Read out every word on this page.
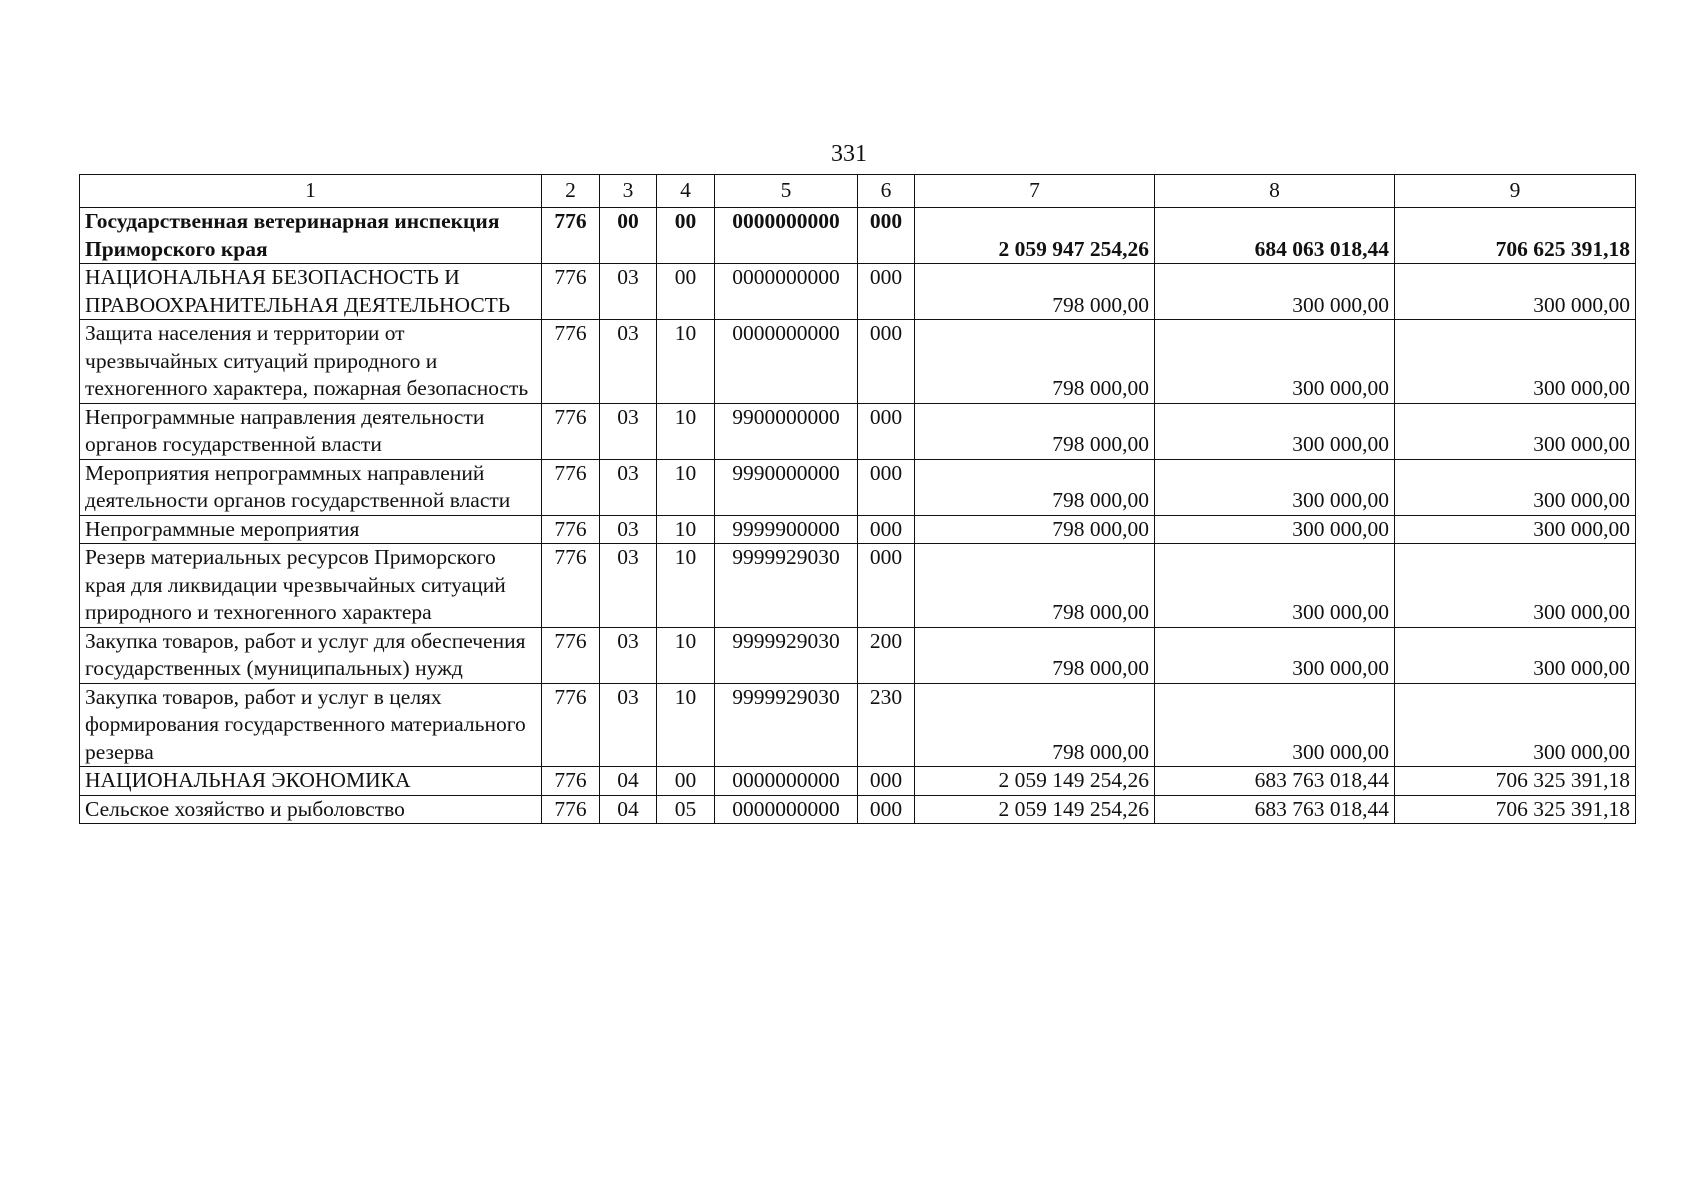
331
1	2	3	4	5	6	7	8	9
Государственная ветеринарная инспекция Приморского края	776	00	00	0000000000	000	2 059 947 254,26	684 063 018,44	706 625 391,18
НАЦИОНАЛЬНАЯ БЕЗОПАСНОСТЬ И ПРАВООХРАНИТЕЛЬНАЯ ДЕЯТЕЛЬНОСТЬ	776	03	00	0000000000	000	798 000,00	300 000,00	300 000,00
Защита населения и территории от чрезвычайных ситуаций природного и техногенного характера, пожарная безопасность	776	03	10	0000000000	000	798 000,00	300 000,00	300 000,00
Непрограммные направления деятельности органов государственной власти	776	03	10	9900000000	000	798 000,00	300 000,00	300 000,00
Мероприятия непрограммных направлений деятельности органов государственной власти	776	03	10	9990000000	000	798 000,00	300 000,00	300 000,00
Непрограммные мероприятия	776	03	10	9999900000	000	798 000,00	300 000,00	300 000,00
Резерв материальных ресурсов Приморского края для ликвидации чрезвычайных ситуаций природного и техногенного характера	776	03	10	9999929030	000	798 000,00	300 000,00	300 000,00
Закупка товаров, работ и услуг для обеспечения государственных (муниципальных) нужд	776	03	10	9999929030	200	798 000,00	300 000,00	300 000,00
Закупка товаров, работ и услуг в целях формирования государственного материального резерва	776	03	10	9999929030	230	798 000,00	300 000,00	300 000,00
НАЦИОНАЛЬНАЯ ЭКОНОМИКА	776	04	00	0000000000	000	2 059 149 254,26	683 763 018,44	706 325 391,18
Сельское хозяйство и рыболовство	776	04	05	0000000000	000	2 059 149 254,26	683 763 018,44	706 325 391,18
